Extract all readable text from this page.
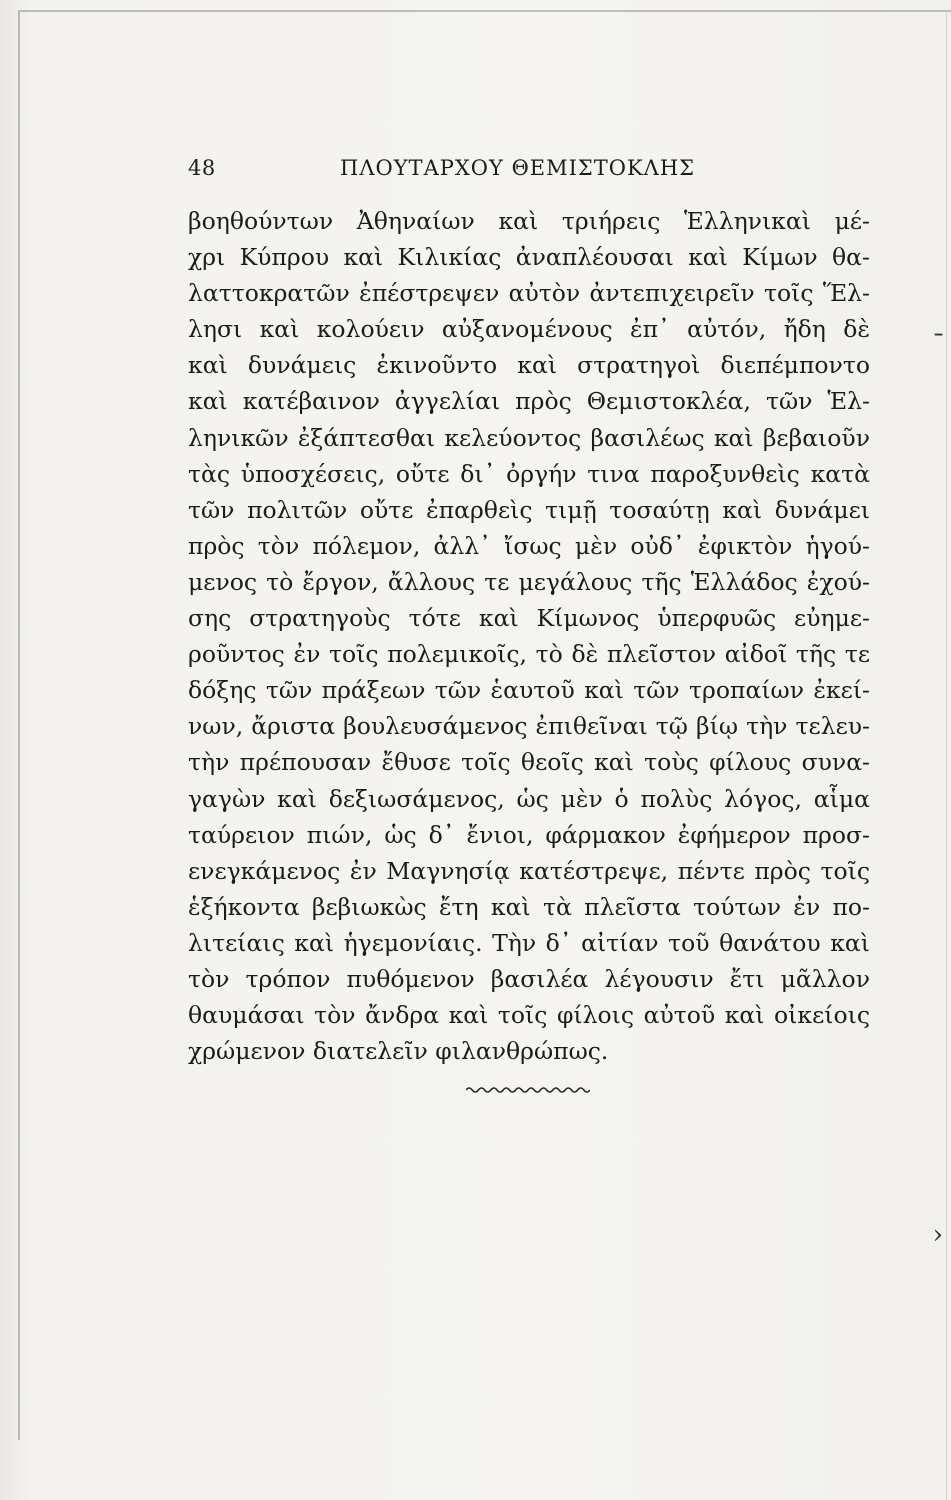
48	ΠΛΟΥΤΑΡΧΟΥ ΘΕΜΙΣΤΟΚΛΗΣ
βοηθούντων Ἀθηναίων καὶ τριήρεις Ἑλληνικαὶ μέ-
χρι Κύπρου καὶ Κιλικίας ἀναπλέουσαι καὶ Κίμων θα-
λαττοκρατῶν ἐπέστρεψεν αὐτὸν ἀντεπιχειρεῖν τοῖς Ἕλ-
λησι καὶ κολούειν αὐξανομένους ἐπ᾿ αὐτόν, ἤδη δὲ
καὶ δυνάμεις ἐκινοῦντο καὶ στρατηγοὶ διεπέμποντο
καὶ κατέβαινον ἀγγελίαι πρὸς Θεμιστοκλέα, τῶν Ἑλ-
ληνικῶν ἐξάπτεσθαι κελεύοντος βασιλέως καὶ βεβαιοῦν
τὰς ὑποσχέσεις, οὔτε δι᾿ ὀργήν τινα παροξυνθεὶς κατὰ
τῶν πολιτῶν οὔτε ἐπαρθεὶς τιμῇ τοσαύτῃ καὶ δυνάμει
πρὸς τὸν πόλεμον, ἀλλ᾿ ἴσως μὲν οὐδ᾿ ἐφικτὸν ἡγού-
μενος τὸ ἔργον, ἄλλους τε μεγάλους τῆς Ἑλλάδος ἐχού-
σης στρατηγοὺς τότε καὶ Κίμωνος ὑπερφυῶς εὐημε-
ροῦντος ἐν τοῖς πολεμικοῖς, τὸ δὲ πλεῖστον αἰδοῖ τῆς τε
δόξης τῶν πράξεων τῶν ἑαυτοῦ καὶ τῶν τροπαίων ἐκεί-
νων, ἄριστα βουλευσάμενος ἐπιθεῖναι τῷ βίῳ τὴν τελευ-
τὴν πρέπουσαν ἔθυσε τοῖς θεοῖς καὶ τοὺς φίλους συνα-
γαγὼν καὶ δεξιωσάμενος, ὡς μὲν ὁ πολὺς λόγος, αἷμα
ταύρειον πιών, ὡς δ᾿ ἔνιοι, φάρμακον ἐφήμερον προσ-
ενεγκάμενος ἐν Μαγνησίᾳ κατέστρεψε, πέντε πρὸς τοῖς
ἑξήκοντα βεβιωκὼς ἔτη καὶ τὰ πλεῖστα τούτων ἐν πο-
λιτείαις καὶ ἡγεμονίαις. Τὴν δ᾿ αἰτίαν τοῦ θανάτου καὶ
τὸν τρόπον πυθόμενον βασιλέα λέγουσιν ἔτι μᾶλλον
θαυμάσαι τὸν ἄνδρα καὶ τοῖς φίλοις αὐτοῦ καὶ οἰκείοις
χρώμενον διατελεῖν φιλανθρώπως.
ˉ
›
